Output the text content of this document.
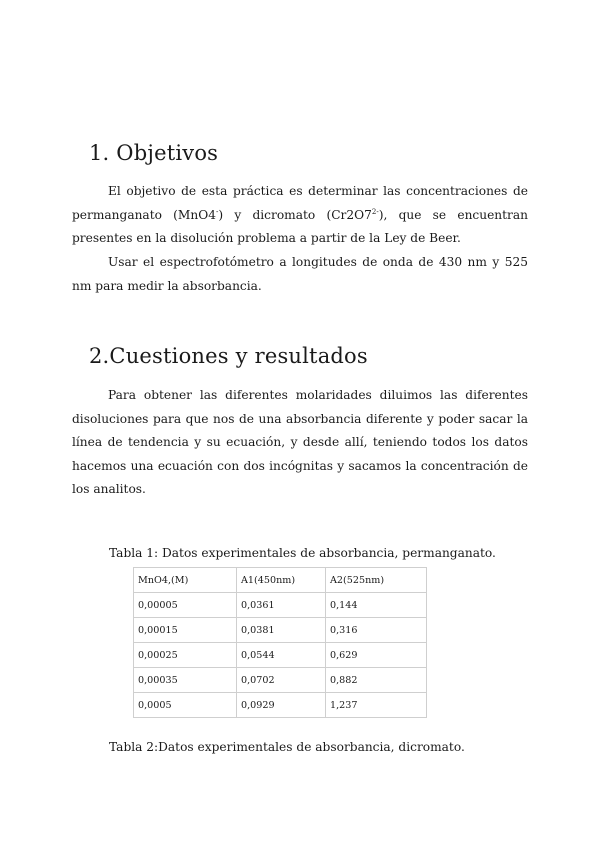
1. Objetivos

El objetivo de esta práctica es determinar las concentraciones de permanganato (MnO4-) y dicromato $(Cr2O7^{2-})$, que se encuentran presentes en la disolución problema a partir de la Ley de Beer.

Usar el espectrofotómetro a longitudes de onda de 430 nm y 525 nm para medir la absorbancia.

2.Cuestiones y resultados

Para obtener las diferentes molaridades diluimos las diferentes disoluciones para que nos de una absorbancia diferente y poder sacar la línea de tendencia y su ecuación, y desde allí, teniendo todos los datos hacemos una ecuación con dos incógnitas y sacamos la concentración de los analitos.

Tabla 1: Datos experimentales de absorbancia, permanganato.
MnO4,(M)	A1(450nm)	A2(525nm)
0,00005	0,0361	0,144
0,00015	0,0381	0,316
0,00025	0,0544	0,629
0,00035	0,0702	0,882
0,0005	0,0929	1,237
Tabla 2:Datos experimentales de absorbancia, dicromato.
